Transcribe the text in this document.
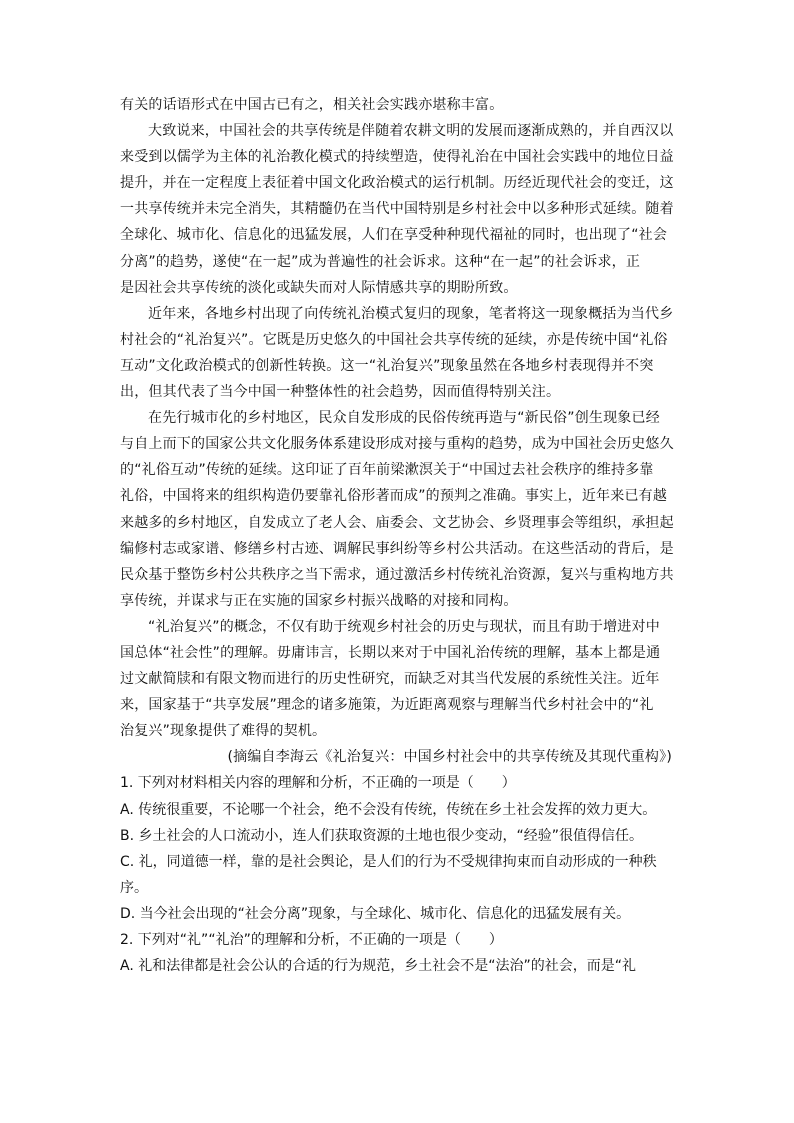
有关的话语形式在中国古已有之，相关社会实践亦堪称丰富。
大致说来，中国社会的共享传统是伴随着农耕文明的发展而逐渐成熟的，并自西汉以
来受到以儒学为主体的礼治教化模式的持续塑造，使得礼治在中国社会实践中的地位日益
提升，并在一定程度上表征着中国文化政治模式的运行机制。历经近现代社会的变迁，这
一共享传统并未完全消失，其精髓仍在当代中国特别是乡村社会中以多种形式延续。随着
全球化、城市化、信息化的迅猛发展，人们在享受种种现代福祉的同时，也出现了“社会
分离”的趋势，遂使“在一起”成为普遍性的社会诉求。这种“在一起”的社会诉求，正
是因社会共享传统的淡化或缺失而对人际情感共享的期盼所致。
近年来，各地乡村出现了向传统礼治模式复归的现象，笔者将这一现象概括为当代乡
村社会的“礼治复兴”。它既是历史悠久的中国社会共享传统的延续，亦是传统中国“礼俗
互动”文化政治模式的创新性转换。这一“礼治复兴”现象虽然在各地乡村表现得并不突
出，但其代表了当今中国一种整体性的社会趋势，因而值得特别关注。
在先行城市化的乡村地区，民众自发形成的民俗传统再造与“新民俗”创生现象已经
与自上而下的国家公共文化服务体系建设形成对接与重构的趋势，成为中国社会历史悠久
的“礼俗互动”传统的延续。这印证了百年前梁漱溟关于“中国过去社会秩序的维持多靠
礼俗，中国将来的组织构造仍要靠礼俗形著而成”的预判之准确。事实上，近年来已有越
来越多的乡村地区，自发成立了老人会、庙委会、文艺协会、乡贤理事会等组织，承担起
编修村志或家谱、修缮乡村古迹、调解民事纠纷等乡村公共活动。在这些活动的背后，是
民众基于整饬乡村公共秩序之当下需求，通过激活乡村传统礼治资源，复兴与重构地方共
享传统，并谋求与正在实施的国家乡村振兴战略的对接和同构。
“礼治复兴”的概念，不仅有助于统观乡村社会的历史与现状，而且有助于增进对中
国总体“社会性”的理解。毋庸讳言，长期以来对于中国礼治传统的理解，基本上都是通
过文献简牍和有限文物而进行的历史性研究，而缺乏对其当代发展的系统性关注。近年
来，国家基于“共享发展”理念的诸多施策，为近距离观察与理解当代乡村社会中的“礼
治复兴”现象提供了难得的契机。
(摘编自李海云《礼治复兴：中国乡村社会中的共享传统及其现代重构》)
1. 下列对材料相关内容的理解和分析，不正确的一项是（　　）
A. 传统很重要，不论哪一个社会，绝不会没有传统，传统在乡土社会发挥的效力更大。
B. 乡土社会的人口流动小，连人们获取资源的土地也很少变动，“经验”很值得信任。
C. 礼，同道德一样，靠的是社会舆论，是人们的行为不受规律拘束而自动形成的一种秩
序。
D. 当今社会出现的“社会分离”现象，与全球化、城市化、信息化的迅猛发展有关。
2. 下列对“礼”“礼治”的理解和分析，不正确的一项是（　　）
A. 礼和法律都是社会公认的合适的行为规范，乡土社会不是“法治”的社会，而是“礼
